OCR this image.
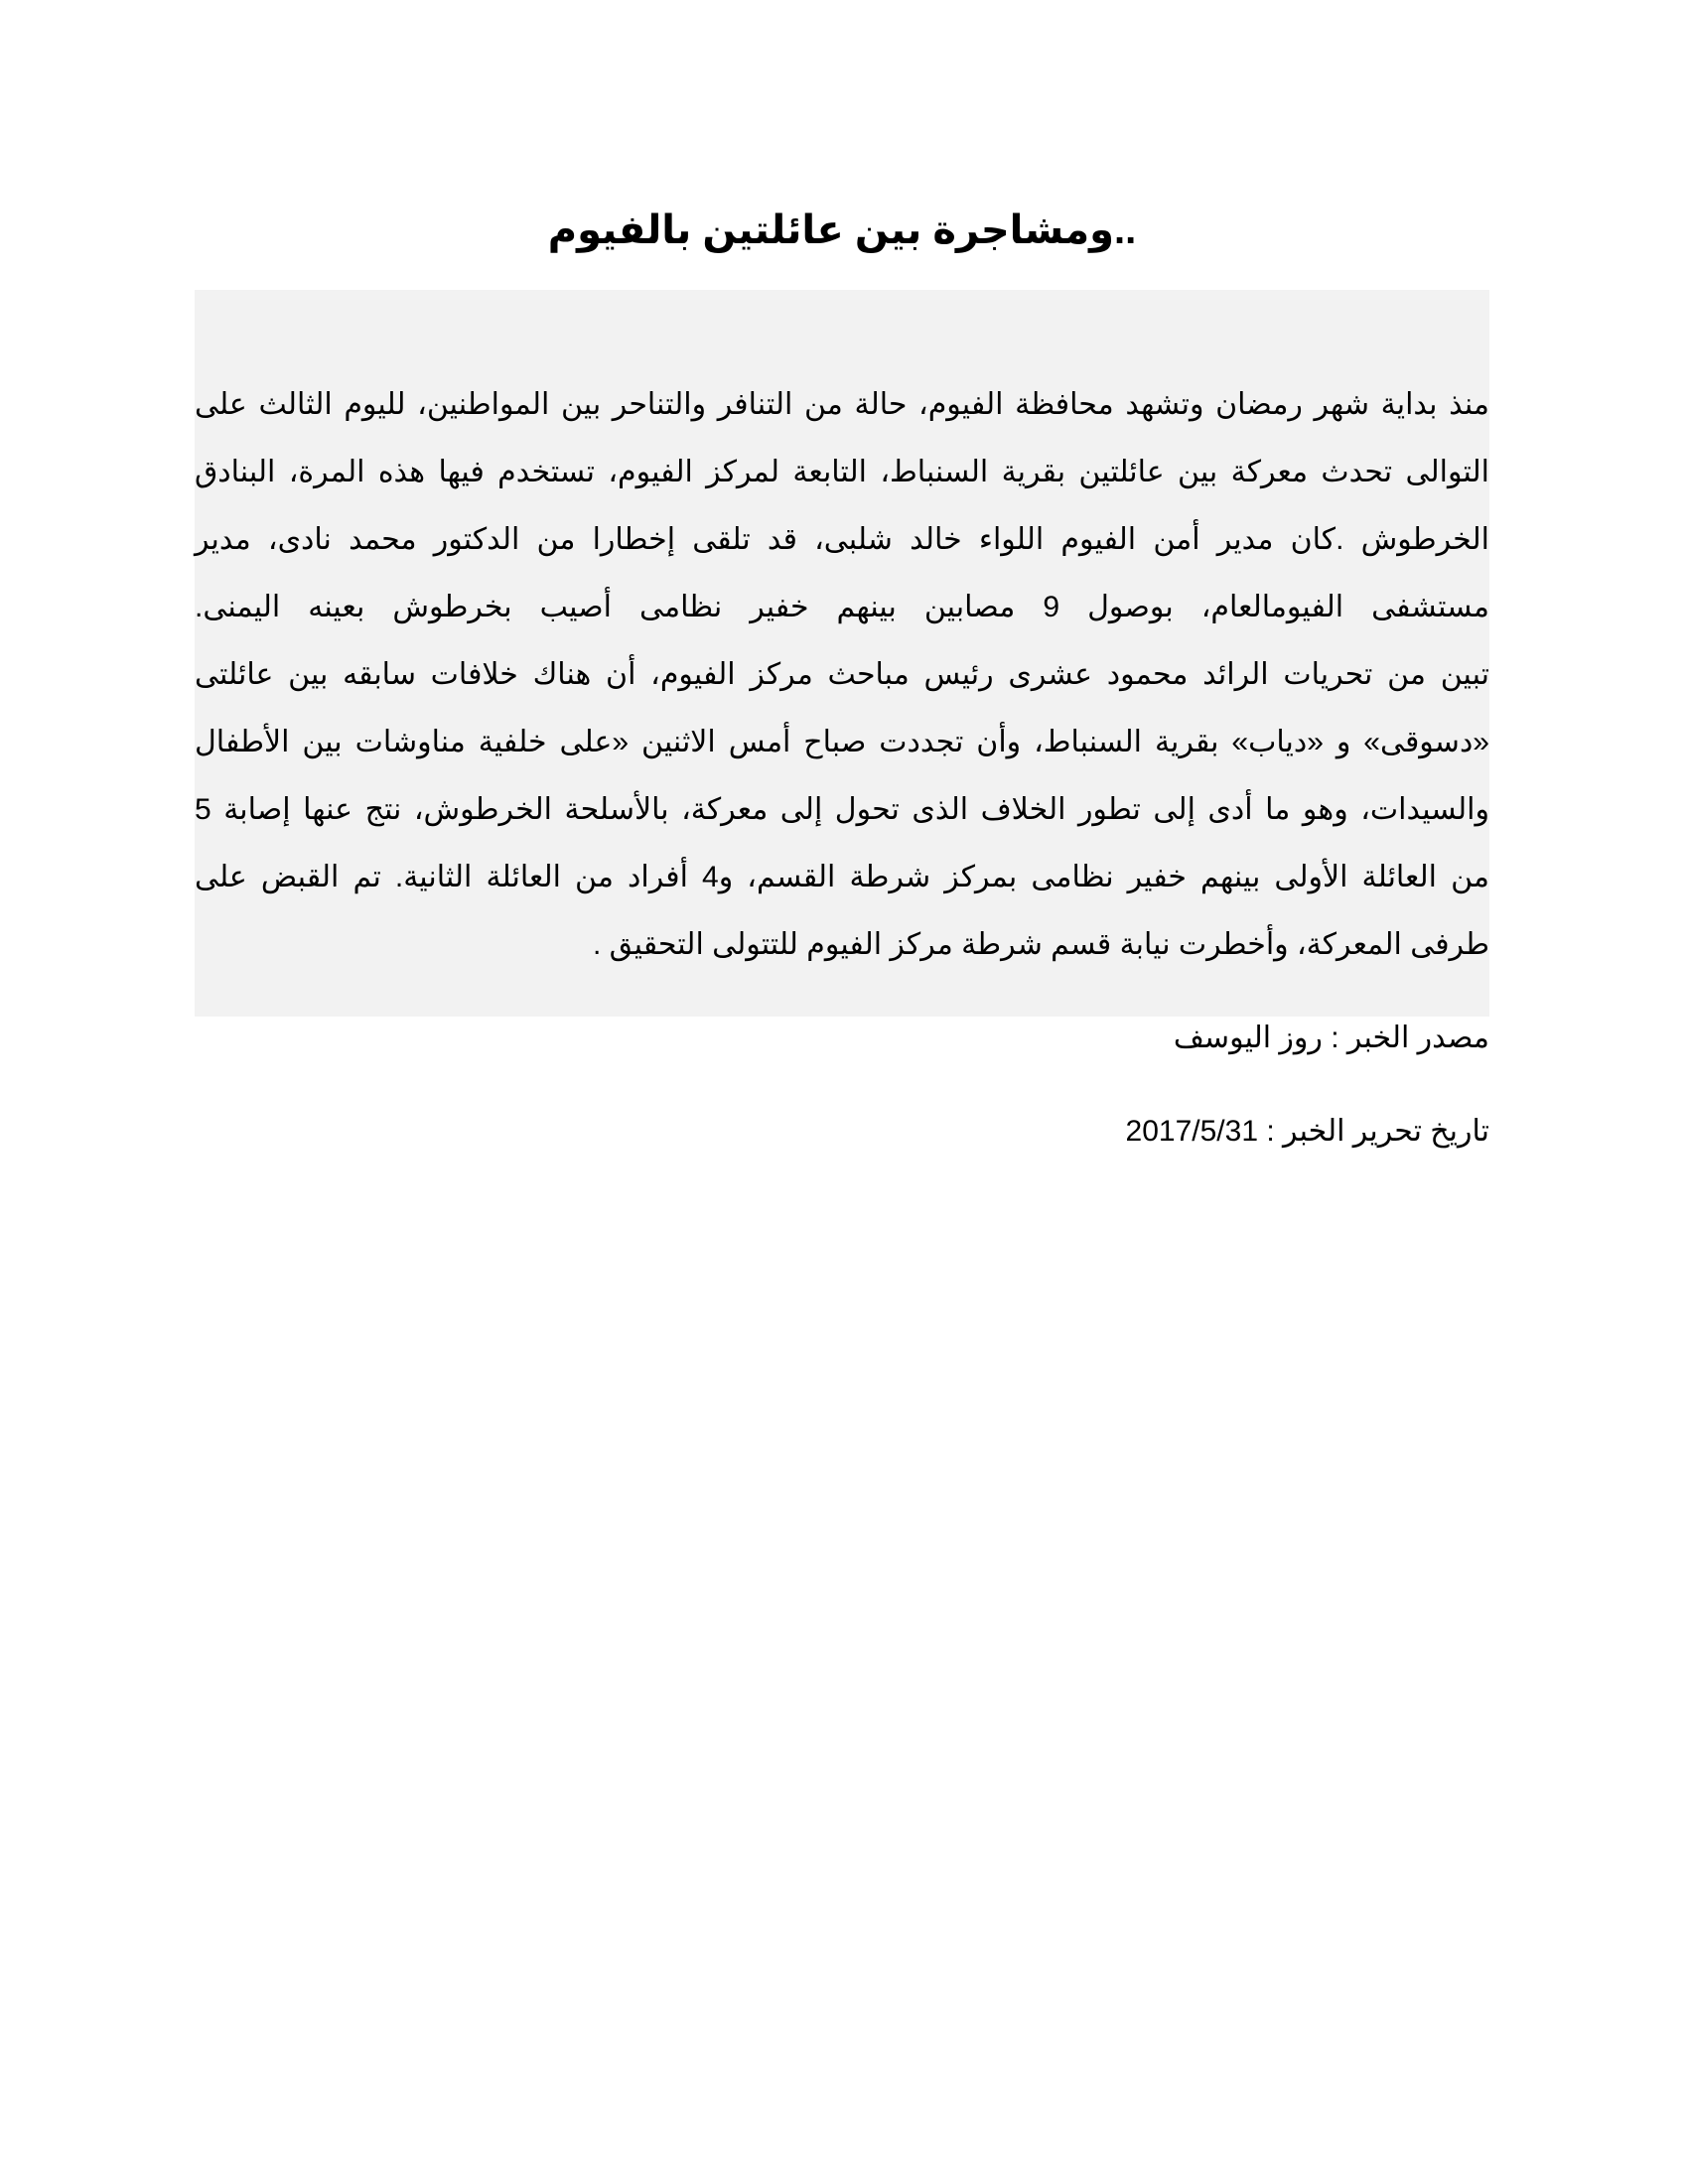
..ومشاجرة بين عائلتين بالفيوم
منذ بداية شهر رمضان وتشهد محافظة الفيوم، حالة من التنافر والتناحر بين المواطنين، لليوم الثالث على
التوالى تحدث معركة بين عائلتين بقرية السنباط، التابعة لمركز الفيوم، تستخدم فيها هذه المرة، البنادق
الخرطوش .كان مدير أمن الفيوم اللواء خالد شلبى، قد تلقى إخطارا من الدكتور محمد نادى، مدير
مستشفى الفيومالعام، بوصول 9 مصابين بينهم خفير نظامى أصيب بخرطوش بعينه اليمنى.
تبين من تحريات الرائد محمود عشرى رئيس مباحث مركز الفيوم، أن هناك خلافات سابقه بين عائلتى
«دسوقى» و «دياب» بقرية السنباط، وأن تجددت صباح أمس الاثنين «على خلفية مناوشات بين الأطفال
والسيدات، وهو ما أدى إلى تطور الخلاف الذى تحول إلى معركة، بالأسلحة الخرطوش، نتج عنها إصابة 5
من العائلة الأولى بينهم خفير نظامى بمركز شرطة القسم، و4 أفراد من العائلة الثانية. تم القبض على
طرفى المعركة، وأخطرت نيابة قسم شرطة مركز الفيوم للتتولى التحقيق .

مصدر الخبر : روز اليوسف

تاريخ تحرير الخبر : 2017/5/31
